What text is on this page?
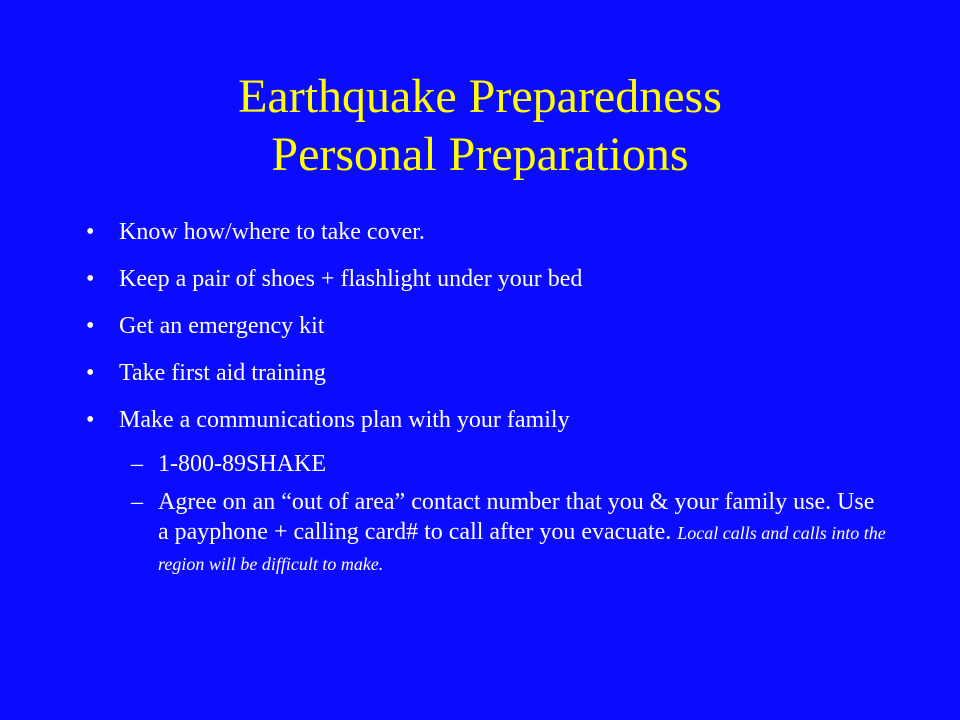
Earthquake Preparedness
Personal Preparations
• Know how/where to take cover.
• Keep a pair of shoes + flashlight under your bed
• Get an emergency kit
• Take first aid training
• Make a communications plan with your family
– 1-800-89SHAKE
– Agree on an “out of area” contact number that you & your family use. Use a payphone + calling card# to call after you evacuate. Local calls and calls into the region will be difficult to make.
